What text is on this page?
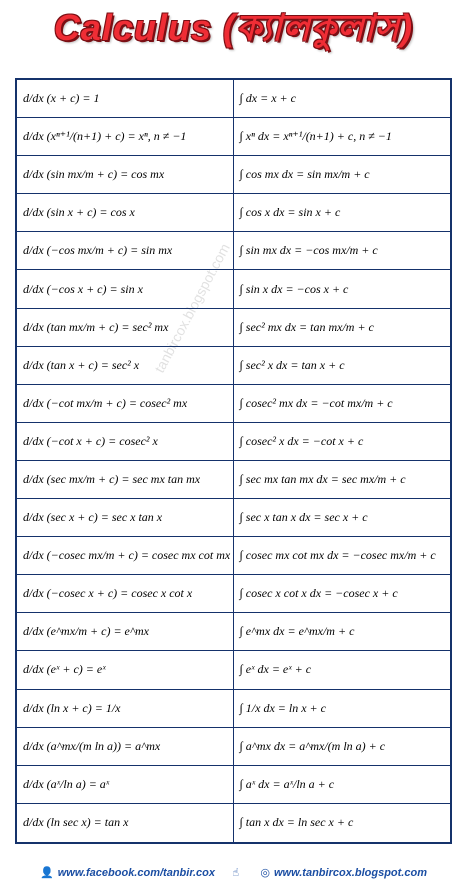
Calculus (ক্যালকুলাস)
tanbircox.blogspot.com
d/dx (x + c) = 1	∫ dx = x + c
d/dx (xⁿ⁺¹/(n+1) + c) = xⁿ, n ≠ −1	∫ xⁿ dx = xⁿ⁺¹/(n+1) + c, n ≠ −1
d/dx (sin mx/m + c) = cos mx	∫ cos mx dx = sin mx/m + c
d/dx (sin x + c) = cos x	∫ cos x dx = sin x + c
d/dx (−cos mx/m + c) = sin mx	∫ sin mx dx = −cos mx/m + c
d/dx (−cos x + c) = sin x	∫ sin x dx = −cos x + c
d/dx (tan mx/m + c) = sec² mx	∫ sec² mx dx = tan mx/m + c
d/dx (tan x + c) = sec² x	∫ sec² x dx = tan x + c
d/dx (−cot mx/m + c) = cosec² mx	∫ cosec² mx dx = −cot mx/m + c
d/dx (−cot x + c) = cosec² x	∫ cosec² x dx = −cot x + c
d/dx (sec mx/m + c) = sec mx tan mx	∫ sec mx tan mx dx = sec mx/m + c
d/dx (sec x + c) = sec x tan x	∫ sec x tan x dx = sec x + c
d/dx (−cosec mx/m + c) = cosec mx cot mx ∫ cosec mx cot mx dx = −cosec mx/m + c
d/dx (−cosec x + c) = cosec x cot x	∫ cosec x cot x dx = −cosec x + c
d/dx (e^mx/m + c) = e^mx	∫ e^mx dx = e^mx/m + c
d/dx (eˣ + c) = eˣ	∫ eˣ dx = eˣ + c
d/dx (ln x + c) = 1/x	∫ 1/x dx = ln x + c
d/dx (a^mx/(m ln a)) = a^mx	∫ a^mx dx = a^mx/(m ln a) + c
d/dx (aˣ/ln a) = aˣ	∫ aˣ dx = aˣ/ln a + c
d/dx (ln sec x) = tan x	∫ tan x dx = ln sec x + c
👤 www.facebook.com/tanbir.cox ☝ ◎ www.tanbircox.blogspot.com
